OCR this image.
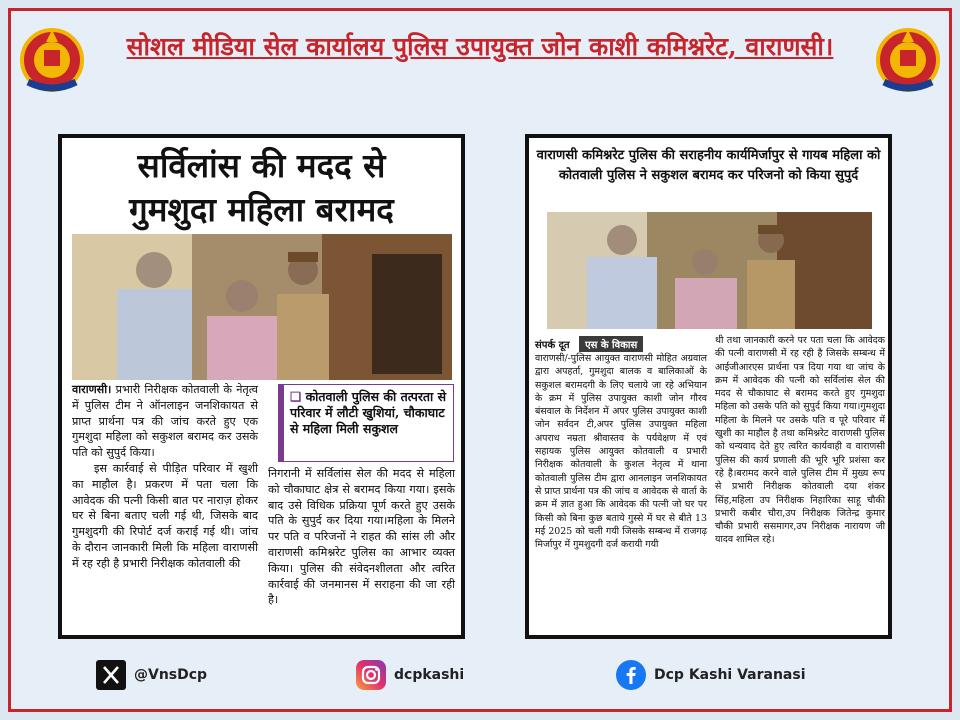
सोशल मीडिया सेल कार्यालय पुलिस उपायुक्त जोन काशी कमिश्नरेट, वाराणसी।
सर्विलांस की मदद से
गुमशुदा महिला बरामद

वाराणसी। प्रभारी निरीक्षक कोतवाली के नेतृत्व में पुलिस टीम ने ऑनलाइन जनशिकायत से प्राप्त प्रार्थना पत्र की जांच करते हुए एक गुमशुदा महिला को सकुशल बरामद कर उसके पति को सुपुर्द किया।

इस कार्रवाई से पीड़ित परिवार में खुशी का माहौल है। प्रकरण में पता चला कि आवेदक की पत्नी किसी बात पर नाराज़ होकर घर से बिना बताए चली गई थी, जिसके बाद गुमशुदगी की रिपोर्ट दर्ज कराई गई थी। जांच के दौरान जानकारी मिली कि महिला वाराणसी में रह रही है प्रभारी निरीक्षक कोतवाली की

❑ कोतवाली पुलिस की तत्परता से परिवार में लौटी खुशियां, चौकाघाट से महिला मिली सकुशल

निगरानी में सर्विलांस सेल की मदद से महिला को चौकाघाट क्षेत्र से बरामद किया गया। इसके बाद उसे विधिक प्रक्रिया पूर्ण करते हुए उसके पति के सुपुर्द कर दिया गया।महिला के मिलने पर पति व परिजनों ने राहत की सांस ली और वाराणसी कमिश्नरेट पुलिस का आभार व्यक्त किया। पुलिस की संवेदनशीलता और त्वरित कार्रवाई की जनमानस में सराहना की जा रही है।

वाराणसी कमिश्नरेट पुलिस की सराहनीय कार्यमिर्जापुर से गायब महिला को कोतवाली पुलिस ने सकुशल बरामद कर परिजनो को किया सुपुर्द
संपर्क दूत एस के विकास

वाराणसी/-पुलिस आयुक्त वाराणसी मोहित अग्रवाल द्वारा अपहर्ता, गुमशुदा बालक व बालिकाओं के सकुशल बरामदगी के लिए चलाये जा रहे अभियान के क्रम में पुलिस उपायुक्त काशी जोन गौरव बंसवाल के निर्देशन में अपर पुलिस उपायुक्त काशी जोन सर्वदन टी,अपर पुलिस उपायुक्त महिला अपराध नम्रता श्रीवास्तव के पर्यवेक्षण में एवं सहायक पुलिस आयुक्त कोतवाली व प्रभारी निरीक्षक कोतवाली के कुशल नेतृत्व में थाना कोतवाली पुलिस टीम द्वारा आनलाइन जनशिकायत से प्राप्त प्रार्थना पत्र की जांच व आवेदक से वार्ता के क्रम में ज्ञात हुआ कि आवेदक की पत्नी जो घर पर किसी को बिना कुछ बताये गुस्से में घर से बीते 13 मई 2025 को चली गयी जिसके सम्बन्ध में राजगढ़ मिर्जापुर में गुमशुदगी दर्ज करायी गयी

थी तथा जानकारी करने पर पता चला कि आवेदक की पत्नी वाराणसी में रह रही है जिसके सम्बन्ध में आईजीआरएस प्रार्थना पत्र दिया गया था जांच के क्रम में आवेदक की पत्नी को सर्विलांस सेल की मदद से चौकाघाट से बरामद करते हुए गुमशुदा महिला को उसके पति को सुपुर्द किया गया।गुमशुदा महिला के मिलने पर उसके पति व पूरे परिवार में खुशी का माहौल है तथा कमिश्नरेट वाराणसी पुलिस को धन्यवाद देते हुए त्वरित कार्यवाही व वाराणसी पुलिस की कार्य प्रणाली की भूरि भूरि प्रशंसा कर रहे है।बरामद करने वाले पुलिस टीम में मुख्य रूप से प्रभारी निरीक्षक कोतवाली दया शंकर सिंह,महिला उप निरीक्षक निहारिका साहू चौकी प्रभारी कबीर चौरा,उप निरीक्षक जितेन्द्र कुमार चौकी प्रभारी ससमागर,उप निरीक्षक नारायण जी यादव शामिल रहे।

@VnsDcp	dcpkashi	Dcp Kashi Varanasi
